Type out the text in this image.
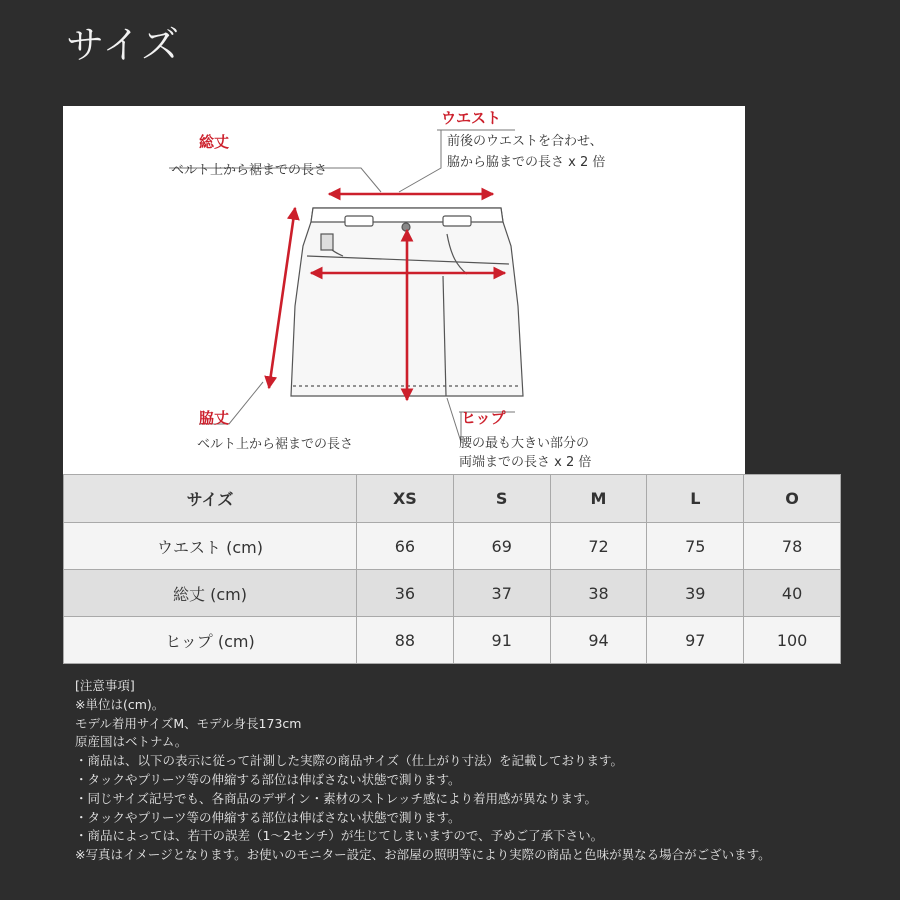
サイズ
総丈
ベルト上から裾までの長さ
ウエスト
前後のウエストを合わせ、
脇から脇までの長さ x 2 倍
脇丈
ベルト上から裾までの長さ
ヒップ
腰の最も大きい部分の
両端までの長さ x 2 倍
サイズ	XS	S	M	L	O
ウエスト (cm)	66	69	72	75	78
総丈 (cm)	36	37	38	39	40
ヒップ (cm)	88	91	94	97	100
[注意事項]
※単位は(cm)。
モデル着用サイズM、モデル身長173cm
原産国はベトナム。
・商品は、以下の表示に従って計測した実際の商品サイズ（仕上がり寸法）を記載しております。
・タックやプリーツ等の伸縮する部位は伸ばさない状態で測ります。
・同じサイズ記号でも、各商品のデザイン・素材のストレッチ感により着用感が異なります。
・タックやプリーツ等の伸縮する部位は伸ばさない状態で測ります。
・商品によっては、若干の誤差（1〜2センチ）が生じてしまいますので、予めご了承下さい。
※写真はイメージとなります。お使いのモニター設定、お部屋の照明等により実際の商品と色味が異なる場合がございます。
